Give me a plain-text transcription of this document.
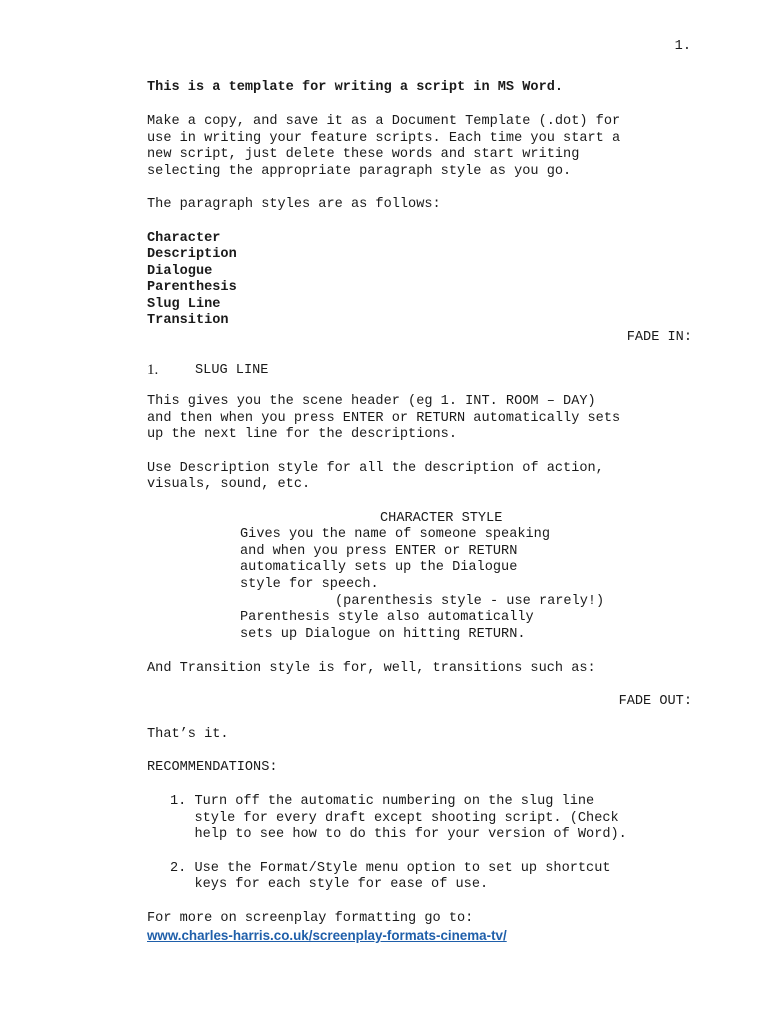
1.
This is a template for writing a script in MS Word.
Make a copy, and save it as a Document Template (.dot) for
use in writing your feature scripts. Each time you start a
new script, just delete these words and start writing
selecting the appropriate paragraph style as you go.
The paragraph styles are as follows:
Character
Description
Dialogue
Parenthesis
Slug Line
Transition
FADE IN:
1.	SLUG LINE
This gives you the scene header (eg 1. INT. ROOM – DAY)
and then when you press ENTER or RETURN automatically sets
up the next line for the descriptions.
Use Description style for all the description of action,
visuals, sound, etc.
CHARACTER STYLE
Gives you the name of someone speaking
and when you press ENTER or RETURN
automatically sets up the Dialogue
style for speech.
(parenthesis style - use rarely!)
Parenthesis style also automatically
sets up Dialogue on hitting RETURN.
And Transition style is for, well, transitions such as:
FADE OUT:
That’s it.
RECOMMENDATIONS:
1. Turn off the automatic numbering on the slug line
style for every draft except shooting script. (Check
help to see how to do this for your version of Word).
2. Use the Format/Style menu option to set up shortcut
keys for each style for ease of use.
For more on screenplay formatting go to:
www.charles-harris.co.uk/screenplay-formats-cinema-tv/
